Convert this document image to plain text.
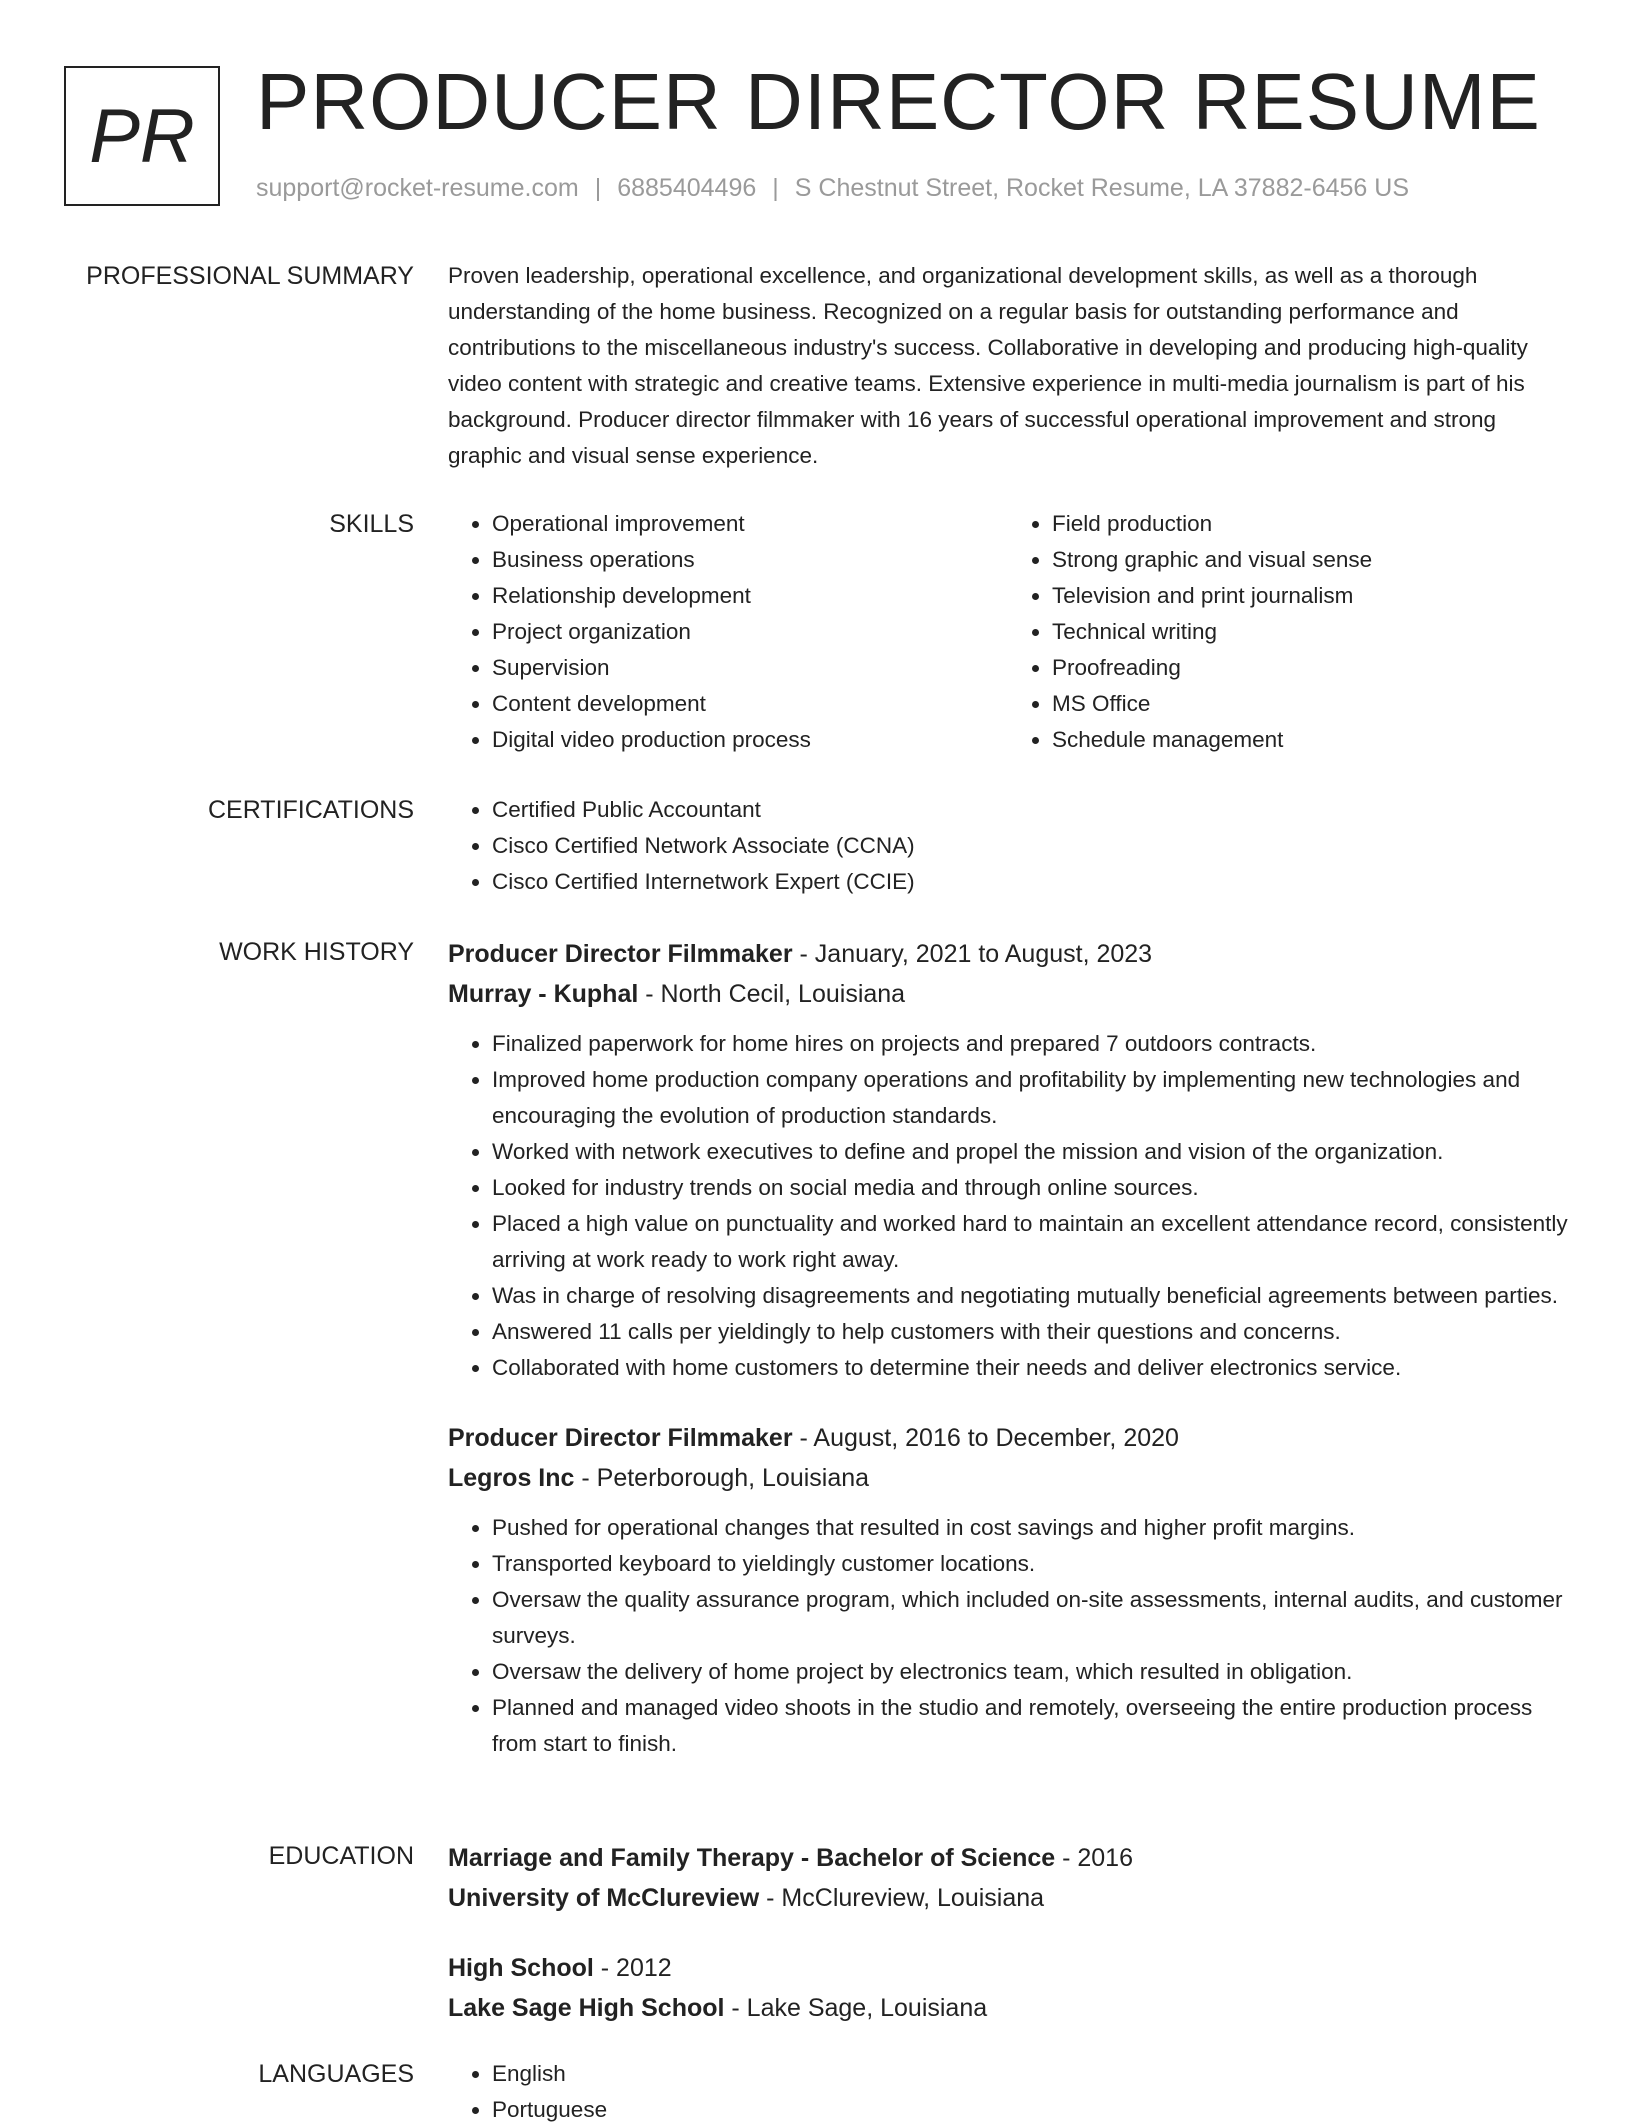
PR PRODUCER DIRECTOR RESUME
support@rocket-resume.com | 6885404496 | S Chestnut Street, Rocket Resume, LA 37882-6456 US
PROFESSIONAL SUMMARY Proven leadership, operational excellence, and organizational development skills, as well as a thorough understanding of the home business. Recognized on a regular basis for outstanding performance and contributions to the miscellaneous industry's success. Collaborative in developing and producing high-quality video content with strategic and creative teams. Extensive experience in multi-media journalism is part of his background. Producer director filmmaker with 16 years of successful operational improvement and strong graphic and visual sense experience.
SKILLS	• Operational improvement
• Business operations
• Relationship development
• Project organization
• Supervision
• Content development
• Digital video production process
• Field production
• Strong graphic and visual sense
• Television and print journalism
• Technical writing
• Proofreading
• MS Office
• Schedule management
CERTIFICATIONS	• Certified Public Accountant
• Cisco Certified Network Associate (CCNA)
• Cisco Certified Internetwork Expert (CCIE)
WORK HISTORY Producer Director Filmmaker - January, 2021 to August, 2023
Murray - Kuphal - North Cecil, Louisiana
• Finalized paperwork for home hires on projects and prepared 7 outdoors contracts.
• Improved home production company operations and profitability by implementing new technologies and encouraging the evolution of production standards.
• Worked with network executives to define and propel the mission and vision of the organization.
• Looked for industry trends on social media and through online sources.
• Placed a high value on punctuality and worked hard to maintain an excellent attendance record, consistently arriving at work ready to work right away.
• Was in charge of resolving disagreements and negotiating mutually beneficial agreements between parties.
• Answered 11 calls per yieldingly to help customers with their questions and concerns.
• Collaborated with home customers to determine their needs and deliver electronics service.
Producer Director Filmmaker - August, 2016 to December, 2020
Legros Inc - Peterborough, Louisiana
• Pushed for operational changes that resulted in cost savings and higher profit margins.
• Transported keyboard to yieldingly customer locations.
• Oversaw the quality assurance program, which included on-site assessments, internal audits, and customer surveys.
• Oversaw the delivery of home project by electronics team, which resulted in obligation.
• Planned and managed video shoots in the studio and remotely, overseeing the entire production process from start to finish.
EDUCATION Marriage and Family Therapy - Bachelor of Science - 2016
University of McClureview - McClureview, Louisiana
High School - 2012
Lake Sage High School - Lake Sage, Louisiana
LANGUAGES	• English
• Portuguese
